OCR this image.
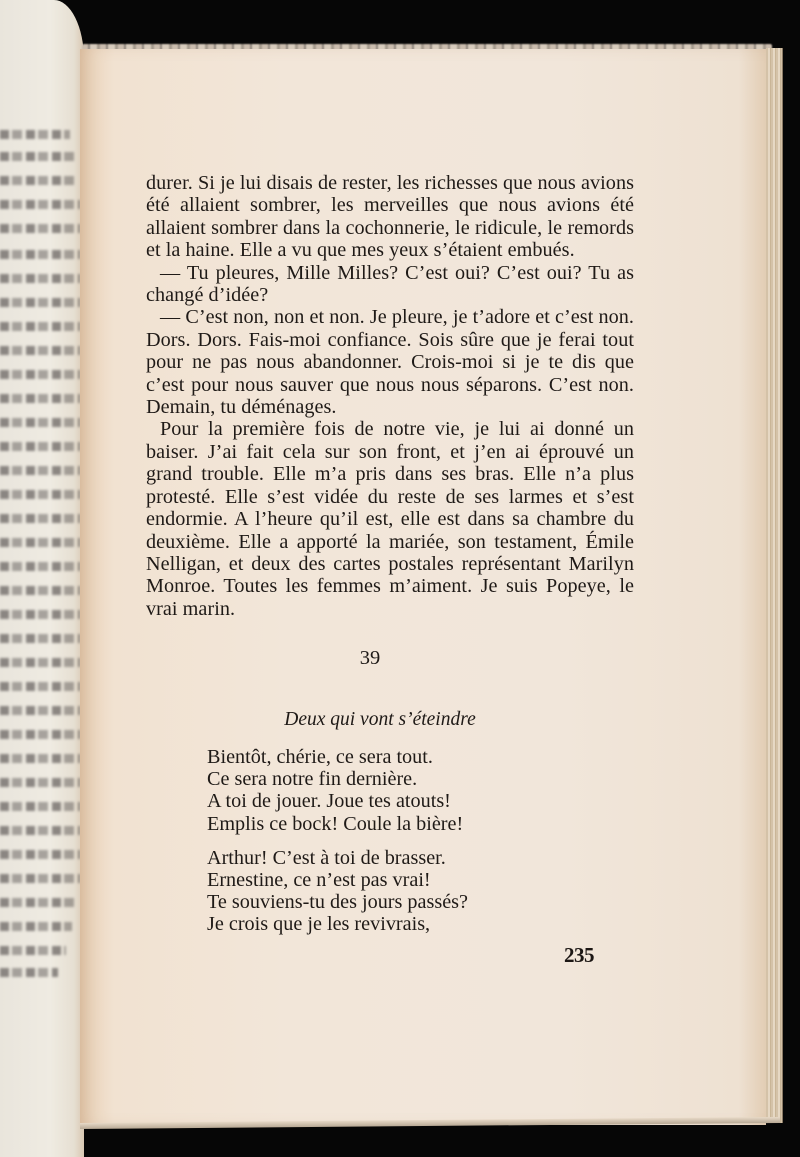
durer. Si je lui disais de rester, les richesses que nous avions été allaient sombrer, les merveilles que nous avions été allaient sombrer dans la cochonnerie, le ridicule, le remords et la haine. Elle a vu que mes yeux s’étaient embués.

— Tu pleures, Mille Milles? C’est oui? C’est oui? Tu as changé d’idée?

— C’est non, non et non. Je pleure, je t’adore et c’est non. Dors. Dors. Fais-moi confiance. Sois sûre que je ferai tout pour ne pas nous abandonner. Crois-moi si je te dis que c’est pour nous sauver que nous nous séparons. C’est non. Demain, tu déménages.

Pour la première fois de notre vie, je lui ai donné un baiser. J’ai fait cela sur son front, et j’en ai éprouvé un grand trouble. Elle m’a pris dans ses bras. Elle n’a plus protesté. Elle s’est vidée du reste de ses larmes et s’est endormie. A l’heure qu’il est, elle est dans sa chambre du deuxième. Elle a apporté la mariée, son testament, Émile Nelligan, et deux des cartes postales représentant Marilyn Monroe. Toutes les femmes m’aiment. Je suis Popeye, le vrai marin.

39
Deux qui vont s’éteindre
Bientôt, chérie, ce sera tout.
Ce sera notre fin dernière.
A toi de jouer. Joue tes atouts!
Emplis ce bock! Coule la bière!
Arthur! C’est à toi de brasser.
Ernestine, ce n’est pas vrai!
Te souviens-tu des jours passés?
Je crois que je les revivrais,
235
